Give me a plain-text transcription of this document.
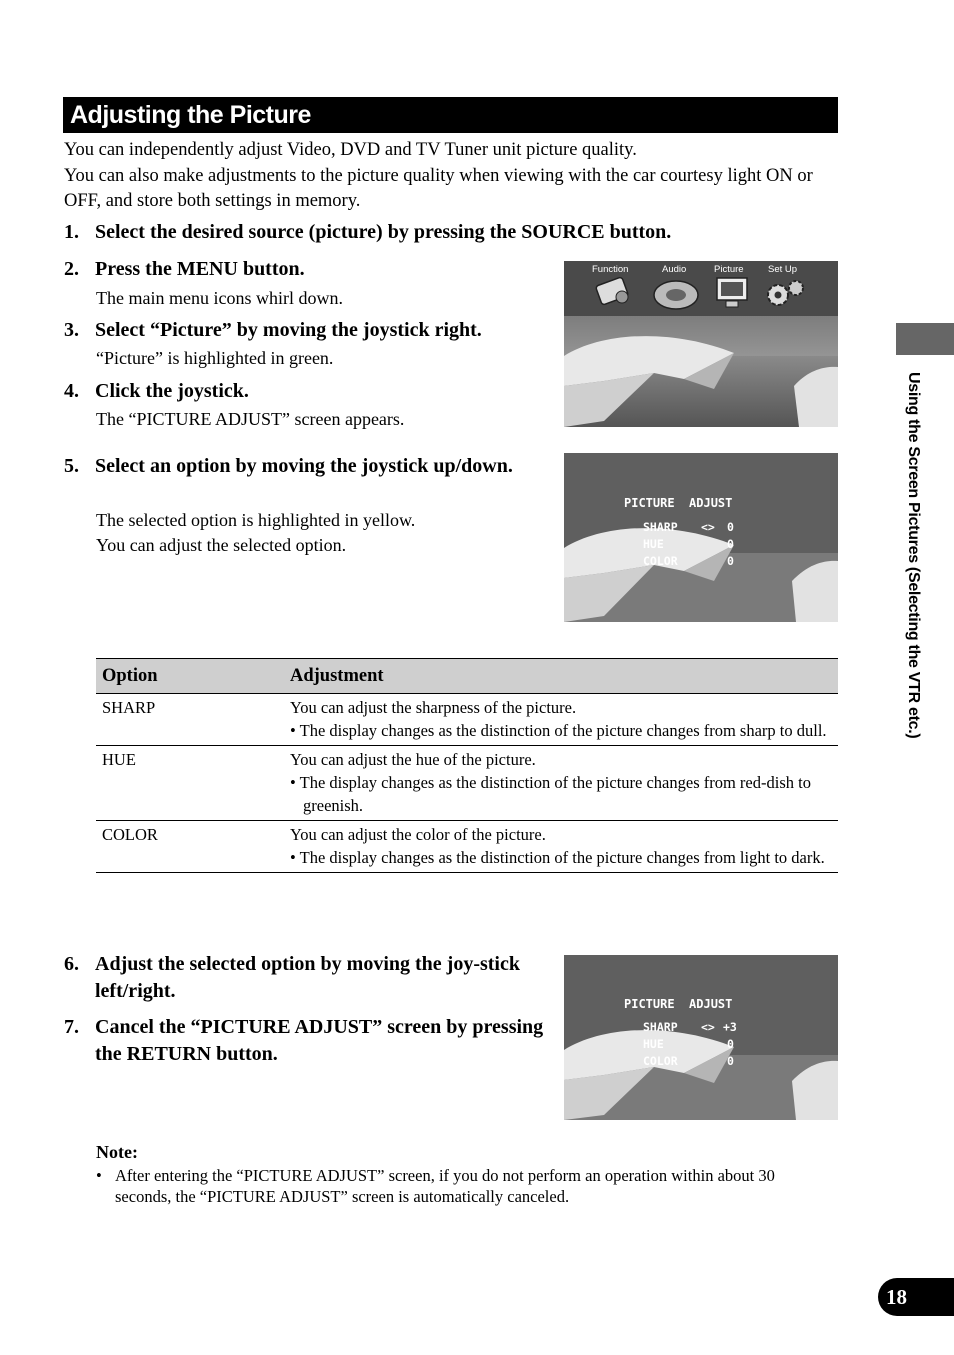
Adjusting the Picture

You can independently adjust Video, DVD and TV Tuner unit picture quality.

You can also make adjustments to the picture quality when viewing with the car courtesy light ON or OFF, and store both settings in memory.

1. Select the desired source (picture) by pressing the SOURCE button.
2. Press the MENU button.
The main menu icons whirl down.
3. Select “Picture” by moving the joystick right.
“Picture” is highlighted in green.
4. Click the joystick.
The “PICTURE ADJUST” screen appears.
5. Select an option by moving the joystick up/down.
The selected option is highlighted in yellow.
You can adjust the selected option.
Function	Audio	Picture	Set Up
PICTURE  ADJUST
SHARP <> 0
HUE	0
COLOR	0
Option	Adjustment
SHARP	You can adjust the sharpness of the picture.
• The display changes as the distinction of the picture changes from sharp to dull.

HUE	You can adjust the hue of the picture.
• The display changes as the distinction of the picture changes from red-dish to greenish.

COLOR	You can adjust the color of the picture.
• The display changes as the distinction of the picture changes from light to dark.
6. Adjust the selected option by moving the joy-stick left/right.
7. Cancel the “PICTURE ADJUST” screen by pressing the RETURN button.
PICTURE  ADJUST
SHARP <> +3
HUE	0
COLOR	0
Note:
• After entering the “PICTURE ADJUST” screen, if you do not perform an operation within about 30 seconds, the “PICTURE ADJUST” screen is automatically canceled.
Using the Screen Pictures (Selecting the VTR etc.)
18
